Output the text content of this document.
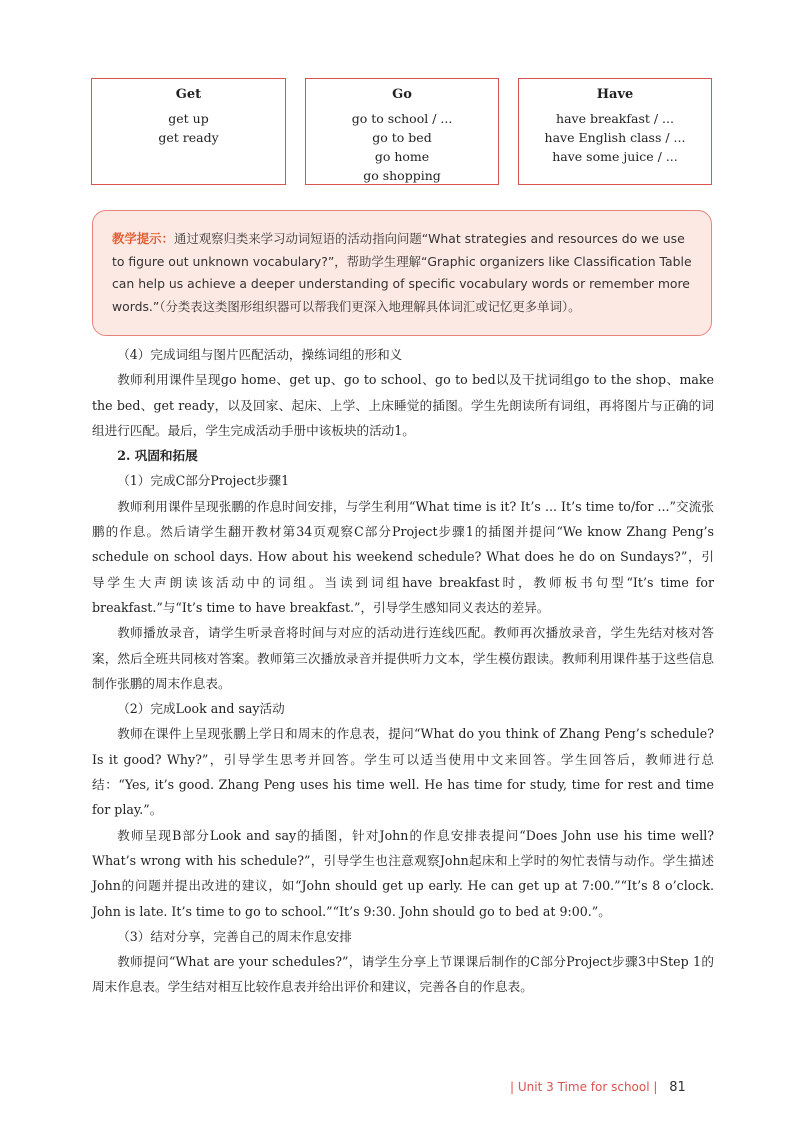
Get
get up
get ready
Go
go to school / ...
go to bed
go home
go shopping
Have
have breakfast / ...
have English class / ...
have some juice / ...
教学提示：通过观察归类来学习动词短语的活动指向问题“What strategies and resources do we use to figure out unknown vocabulary?”，帮助学生理解“Graphic organizers like Classification Table can help us achieve a deeper understanding of specific vocabulary words or remember more words.”（分类表这类图形组织器可以帮我们更深入地理解具体词汇或记忆更多单词）。

（4）完成词组与图片匹配活动，操练词组的形和义

教师利用课件呈现go home、get up、go to school、go to bed以及干扰词组go to the shop、make the bed、get ready，以及回家、起床、上学、上床睡觉的插图。学生先朗读所有词组，再将图片与正确的词组进行匹配。最后，学生完成活动手册中该板块的活动1。

2. 巩固和拓展

（1）完成C部分Project步骤1

教师利用课件呈现张鹏的作息时间安排，与学生利用“What time is it? It’s ... It’s time to/for ...”交流张鹏的作息。然后请学生翻开教材第34页观察C部分Project步骤1的插图并提问“We know Zhang Peng’s schedule on school days. How about his weekend schedule? What does he do on Sundays?”，引导学生大声朗读该活动中的词组。当读到词组have breakfast时，教师板书句型“It’s time for breakfast.”与“It’s time to have breakfast.”，引导学生感知同义表达的差异。

教师播放录音，请学生听录音将时间与对应的活动进行连线匹配。教师再次播放录音，学生先结对核对答案，然后全班共同核对答案。教师第三次播放录音并提供听力文本，学生模仿跟读。教师利用课件基于这些信息制作张鹏的周末作息表。

（2）完成Look and say活动

教师在课件上呈现张鹏上学日和周末的作息表，提问“What do you think of Zhang Peng’s schedule? Is it good? Why?”，引导学生思考并回答。学生可以适当使用中文来回答。学生回答后，教师进行总结：“Yes, it’s good. Zhang Peng uses his time well. He has time for study, time for rest and time for play.”。

教师呈现B部分Look and say的插图，针对John的作息安排表提问“Does John use his time well? What’s wrong with his schedule?”，引导学生也注意观察John起床和上学时的匆忙表情与动作。学生描述John的问题并提出改进的建议，如“John should get up early. He can get up at 7:00.”“It’s 8 o’clock. John is late. It’s time to go to school.”“It’s 9:30. John should go to bed at 9:00.”。

（3）结对分享，完善自己的周末作息安排

教师提问“What are your schedules?”，请学生分享上节课课后制作的C部分Project步骤3中Step 1的周末作息表。学生结对相互比较作息表并给出评价和建议，完善各自的作息表。

| Unit 3 Time for school | 81
